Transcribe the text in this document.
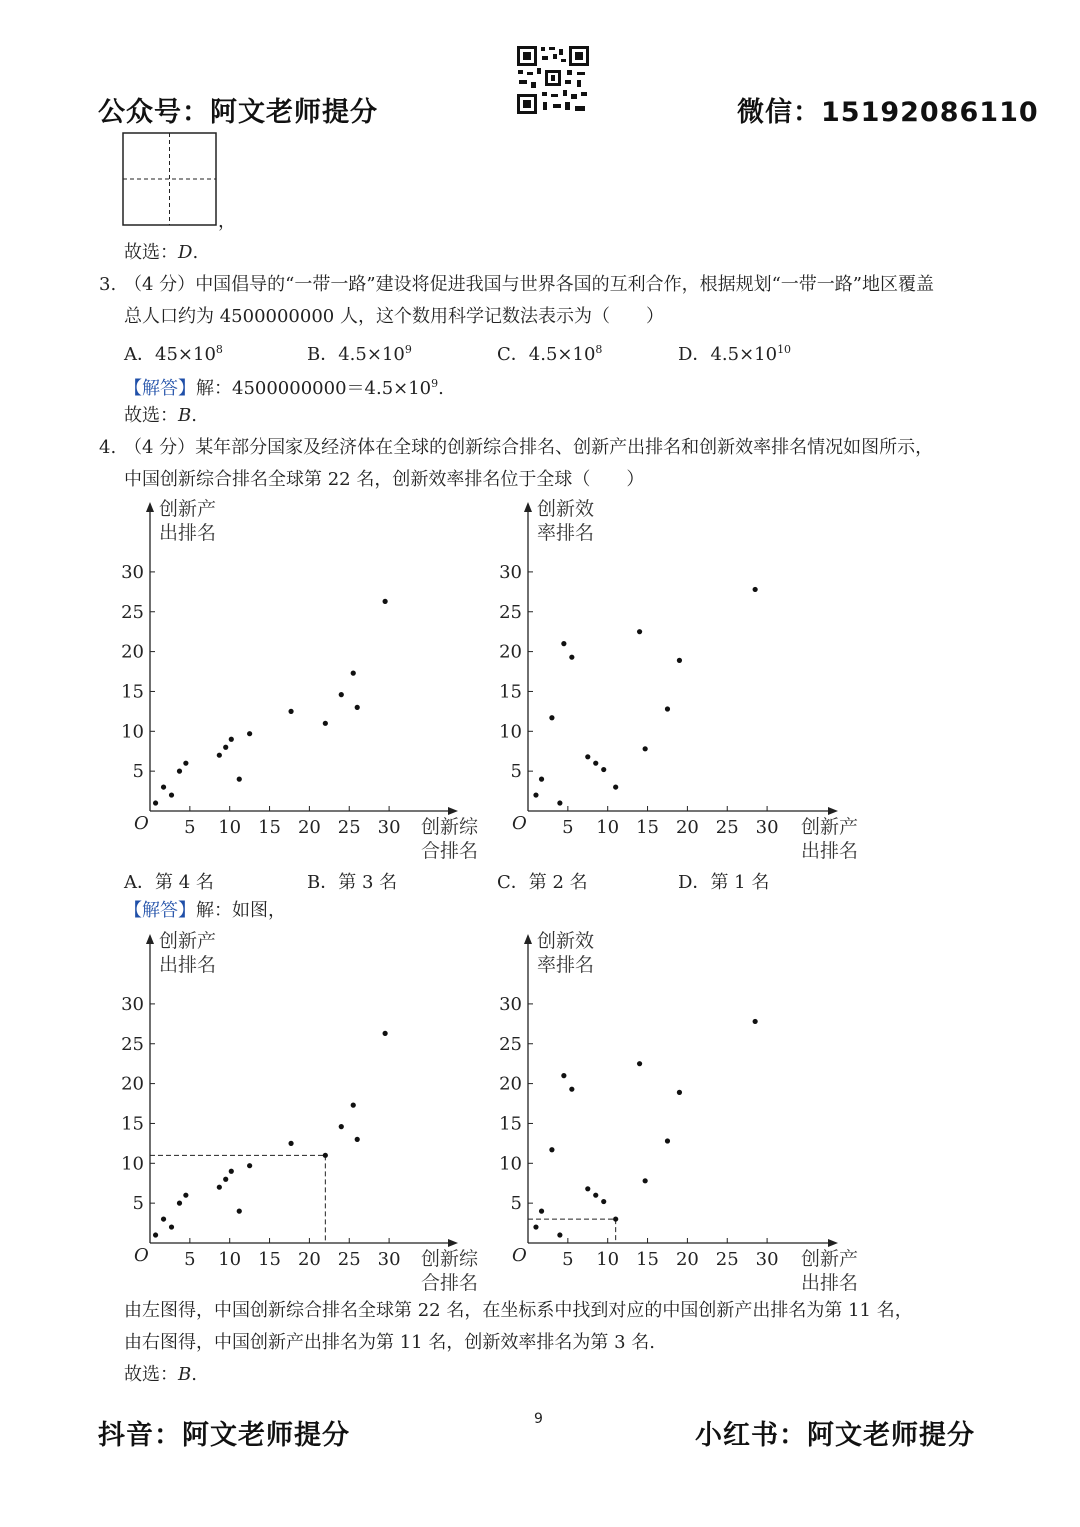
公众号：阿文老师提分	微信：15192086110
，
故选：D.
3. （4 分）中国倡导的“一带一路”建设将促进我国与世界各国的互利合作，根据规划“一带一路”地区覆盖
总人口约为 4500000000 人，这个数用科学记数法表示为（　　）
A．$45\times 10^8$	B．$4.5\times 10^9$	C．$4.5\times 10^8$	D．$4.5\times 10^{10}$
【解答】解：$4500000000=4.5\times 10^9$.
故选：B.
4. （4 分）某年部分国家及经济体在全球的创新综合排名、创新产出排名和创新效率排名情况如图所示，
中国创新综合排名全球第 22 名，创新效率排名位于全球（　　）
O 5 10 15 20 25 30
5
10
15
20
25
30
创新产
出排名
创新综
合排名
O 5 10 15 20 25 30
5
10
15
20
25
30
创新效
率排名
创新产
出排名
A．第 4 名	B．第 3 名	C．第 2 名	D．第 1 名
【解答】解：如图，
O 5 10 15 20 25 30
5
10
15
20
25
30
创新产
出排名
创新综
合排名
O 5 10 15 20 25 30
5
10
15
20
25
30
创新效
率排名
创新产
出排名
由左图得，中国创新综合排名全球第 22 名，在坐标系中找到对应的中国创新产出排名为第 11 名，
由右图得，中国创新产出排名为第 11 名，创新效率排名为第 3 名.
故选：B.
抖音：阿文老师提分
9
小红书：阿文老师提分
